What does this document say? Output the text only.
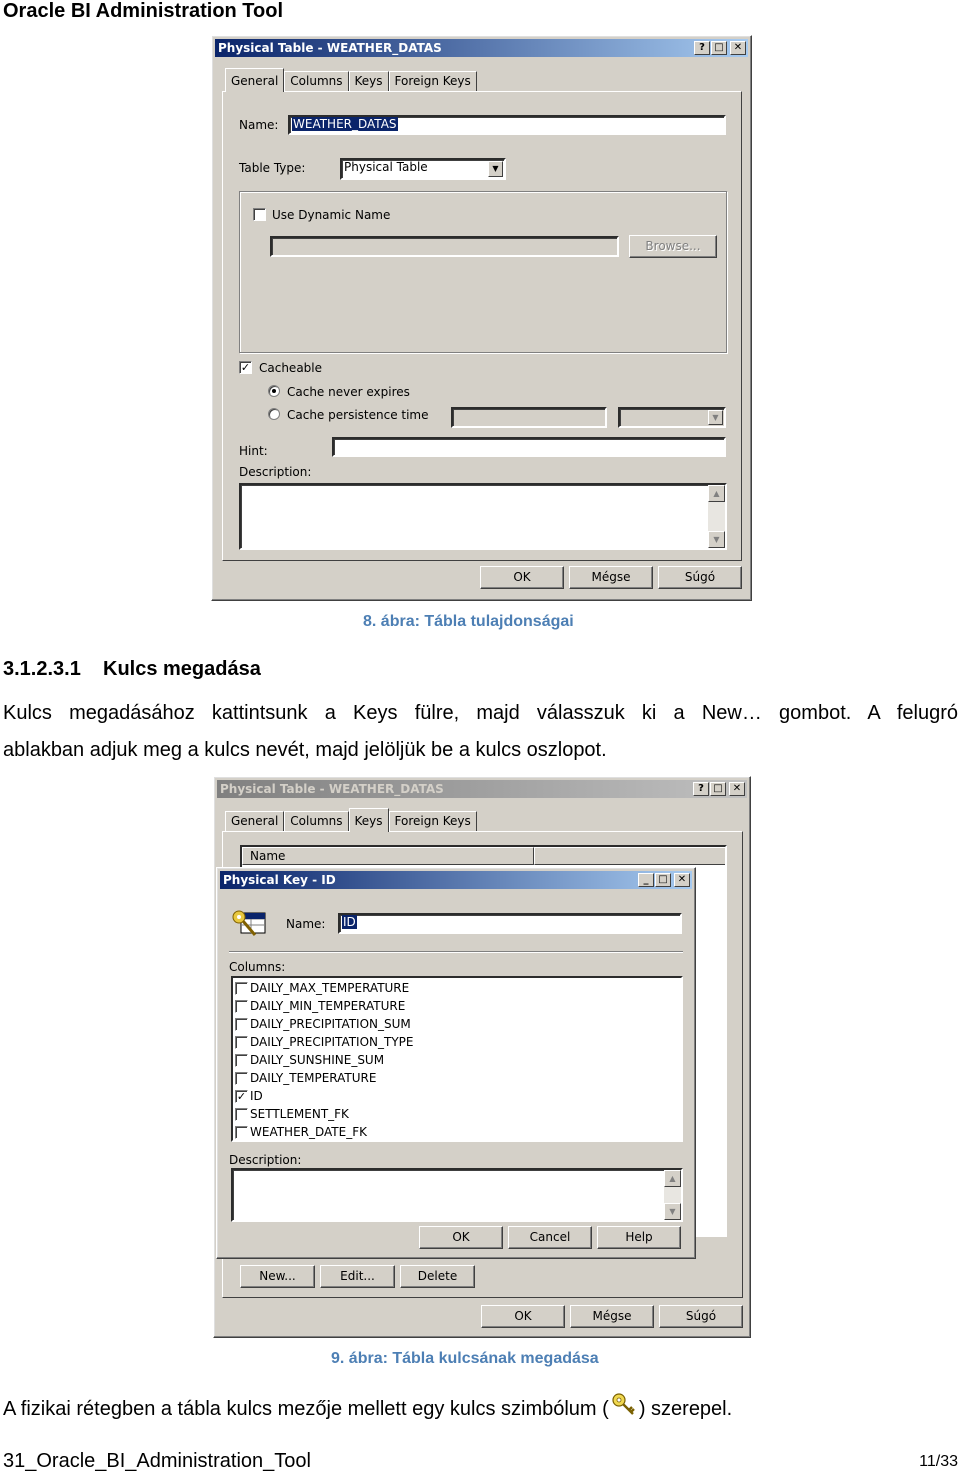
Oracle BI Administration Tool
Physical Table - WEATHER_DATAS	? □	✕
General	Columns	Keys	Foreign Keys
Name:	WEATHER_DATAS
Table Type:	Physical Table	▼
Use Dynamic Name
Browse...
✓ Cacheable
Cache never expires
Cache persistence time	▼
Hint:
Description:
▲
▼
OK	Mégse	Súgó
8. ábra: Tábla tulajdonságai
3.1.2.3.1 Kulcs megadása
Kulcs megadásához kattintsunk a Keys fülre, majd válasszuk ki a New… gombot. A felugró
ablakban adjuk meg a kulcs nevét, majd jelöljük be a kulcs oszlopot.
Physical Table - WEATHER_DATAS	? □	✕
General	Columns	Keys	Foreign Keys
Name
New...	Edit...	Delete
OK	Mégse	Súgó
Physical Key - ID	_ □	✕
Name:	ID
Columns:
DAILY_MAX_TEMPERATURE
DAILY_MIN_TEMPERATURE
DAILY_PRECIPITATION_SUM
DAILY_PRECIPITATION_TYPE
DAILY_SUNSHINE_SUM
DAILY_TEMPERATURE
✓ ID
SETTLEMENT_FK
WEATHER_DATE_FK
Description:
▲
▼
OK	Cancel	Help
9. ábra: Tábla kulcsának megadása
A fizikai rétegben a tábla kulcs mezője mellett egy kulcs szimbólum ( ) szerepel.
31_Oracle_BI_Administration_Tool	11/33
